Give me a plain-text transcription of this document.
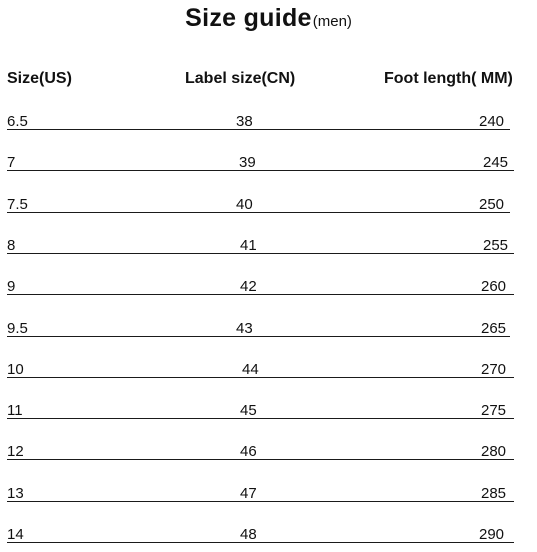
Size guide(men)
Size(US)	Label size(CN)	Foot length( MM)
6.5	38	240
7	39	245
7.5	40	250
8	41	255
9	42	260
9.5	43	265
10	44	270
11	45	275
12	46	280
13	47	285
14	48	290
